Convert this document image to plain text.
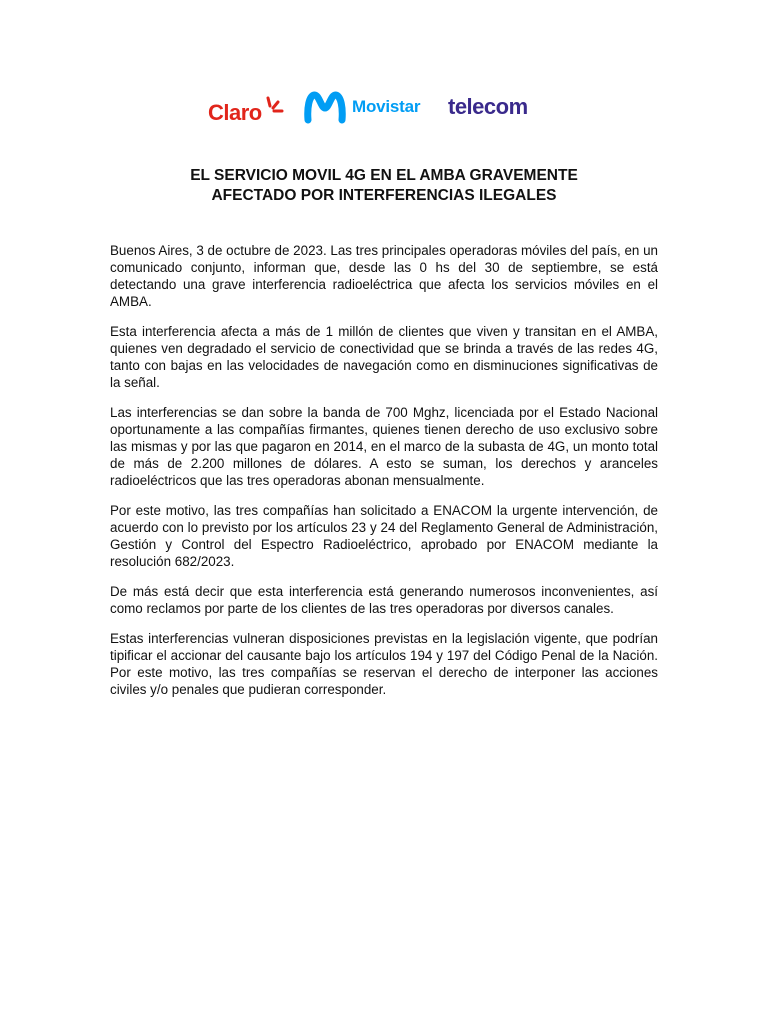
Claro	Movistar telecom
EL SERVICIO MOVIL 4G EN EL AMBA GRAVEMENTE
AFECTADO POR INTERFERENCIAS ILEGALES

Buenos Aires, 3 de octubre de 2023. Las tres principales operadoras móviles del país, en un comunicado conjunto, informan que, desde las 0 hs del 30 de septiembre, se está detectando una grave interferencia radioeléctrica que afecta los servicios móviles en el AMBA.

Esta interferencia afecta a más de 1 millón de clientes que viven y transitan en el AMBA, quienes ven degradado el servicio de conectividad que se brinda a través de las redes 4G, tanto con bajas en las velocidades de navegación como en disminuciones significativas de la señal.

Las interferencias se dan sobre la banda de 700 Mghz, licenciada por el Estado Nacional oportunamente a las compañías firmantes, quienes tienen derecho de uso exclusivo sobre las mismas y por las que pagaron en 2014, en el marco de la subasta de 4G, un monto total de más de 2.200 millones de dólares. A esto se suman, los derechos y aranceles radioeléctricos que las tres operadoras abonan mensualmente.

Por este motivo, las tres compañías han solicitado a ENACOM la urgente intervención, de acuerdo con lo previsto por los artículos 23 y 24 del Reglamento General de Administración, Gestión y Control del Espectro Radioeléctrico, aprobado por ENACOM mediante la resolución 682/2023.

De más está decir que esta interferencia está generando numerosos inconvenientes, así como reclamos por parte de los clientes de las tres operadoras por diversos canales.

Estas interferencias vulneran disposiciones previstas en la legislación vigente, que podrían tipificar el accionar del causante bajo los artículos 194 y 197 del Código Penal de la Nación. Por este motivo, las tres compañías se reservan el derecho de interponer las acciones civiles y/o penales que pudieran corresponder.
